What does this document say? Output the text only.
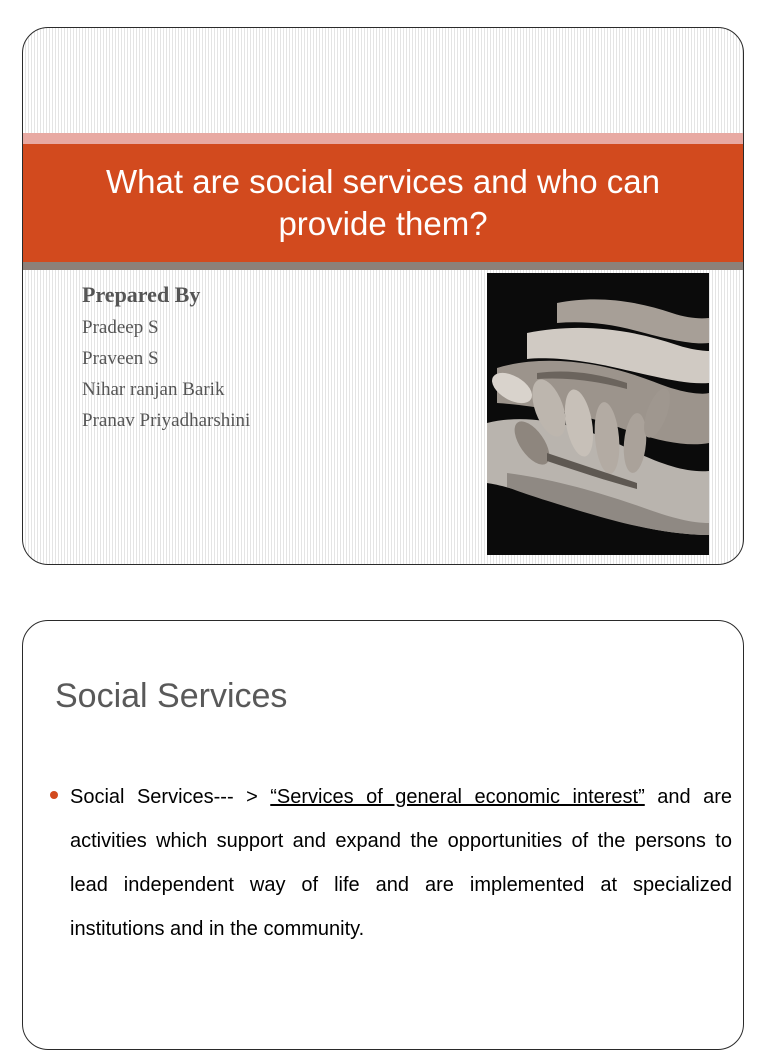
What are social services and who can provide them?
Prepared By
Pradeep S
Praveen S
Nihar ranjan Barik
Pranav Priyadharshini
Social Services
Social Services--- > “Services of general economic interest” and are activities which support and expand the opportunities of the persons to lead independent way of life and are implemented at specialized institutions and in the community.
